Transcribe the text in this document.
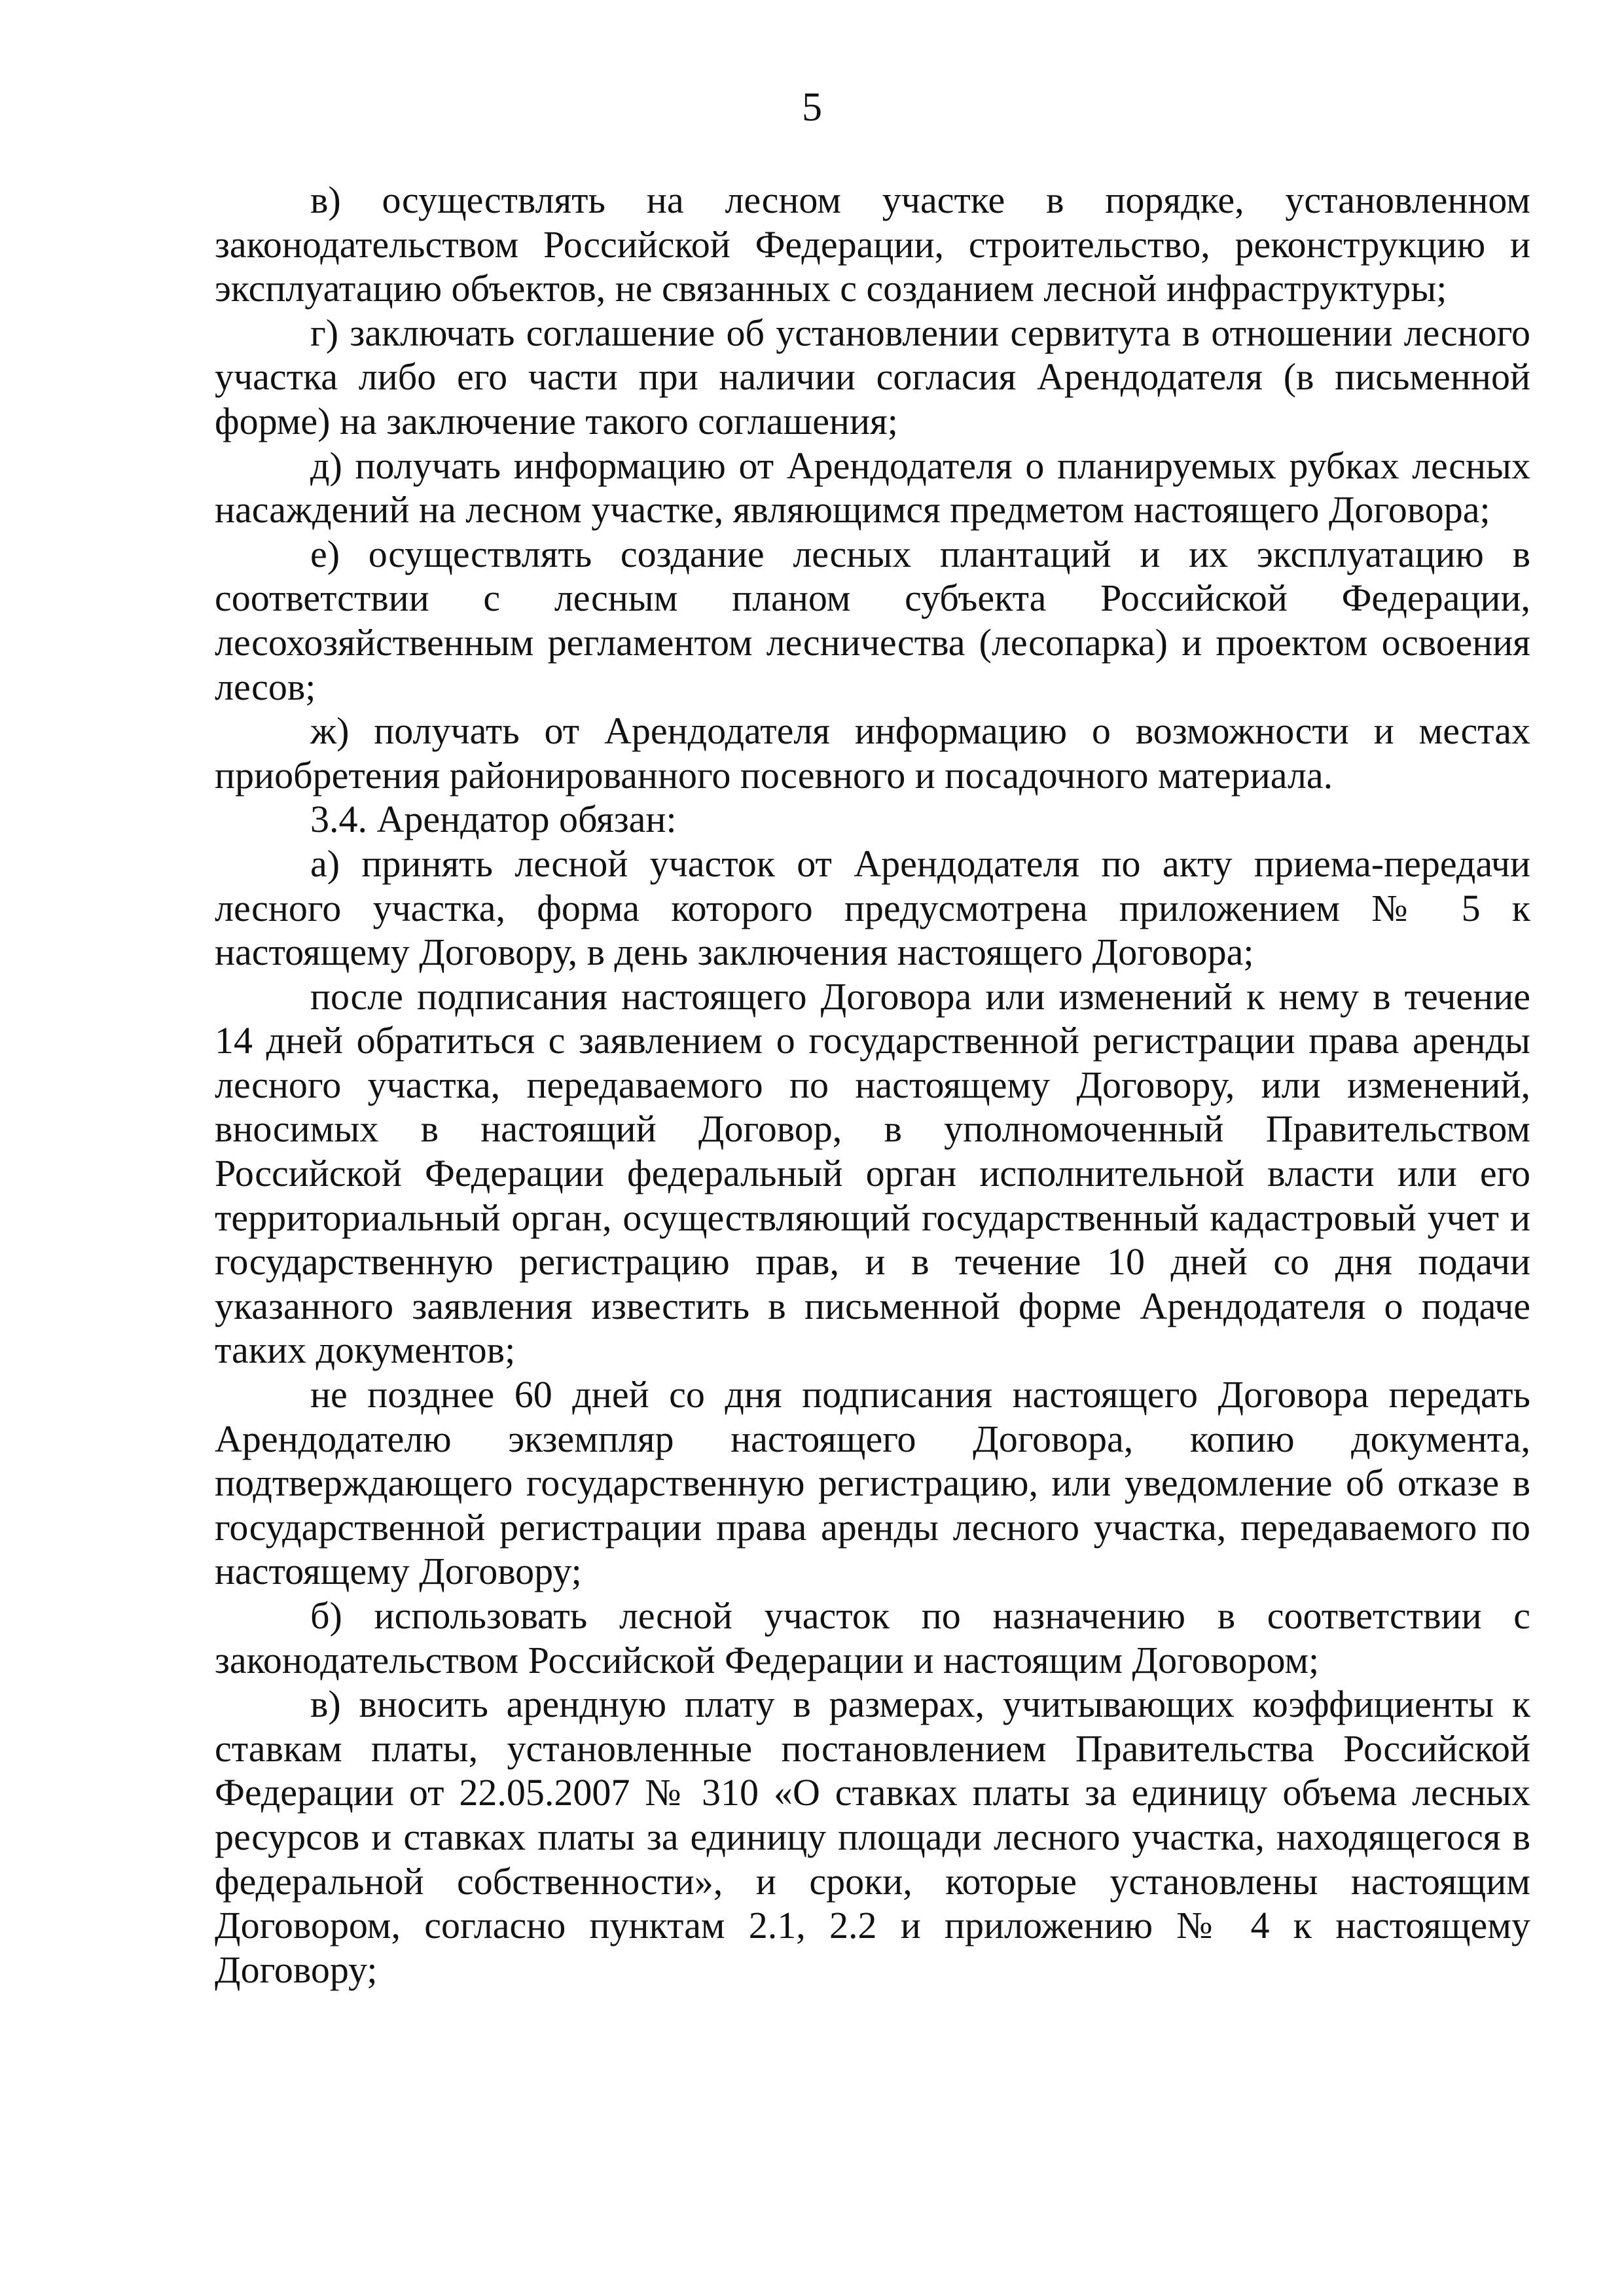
5

в) осуществлять на лесном участке в порядке, установленном законодательством Российской Федерации, строительство, реконструкцию и эксплуатацию объектов, не связанных с созданием лесной инфраструктуры;

г) заключать соглашение об установлении сервитута в отношении лесного участка либо его части при наличии согласия Арендодателя (в письменной форме) на заключение такого соглашения;

д) получать информацию от Арендодателя о планируемых рубках лесных насаждений на лесном участке, являющимся предметом настоящего Договора;

е) осуществлять создание лесных плантаций и их эксплуатацию в соответствии с лесным планом субъекта Российской Федерации, лесохозяйственным регламентом лесничества (лесопарка) и проектом освоения лесов;

ж) получать от Арендодателя информацию о возможности и местах приобретения районированного посевного и посадочного материала.

3.4. Арендатор обязан:

а) принять лесной участок от Арендодателя по акту приема-передачи лесного участка, форма которого предусмотрена приложением № 5 к настоящему Договору, в день заключения настоящего Договора;

после подписания настоящего Договора или изменений к нему в течение 14 дней обратиться с заявлением о государственной регистрации права аренды лесного участка, передаваемого по настоящему Договору, или изменений, вносимых в настоящий Договор, в уполномоченный Правительством Российской Федерации федеральный орган исполнительной власти или его территориальный орган, осуществляющий государственный кадастровый учет и государственную регистрацию прав, и в течение 10 дней со дня подачи указанного заявления известить в письменной форме Арендодателя о подаче таких документов;

не позднее 60 дней со дня подписания настоящего Договора передать Арендодателю экземпляр настоящего Договора, копию документа, подтверждающего государственную регистрацию, или уведомление об отказе в государственной регистрации права аренды лесного участка, передаваемого по настоящему Договору;

б) использовать лесной участок по назначению в соответствии с законодательством Российской Федерации и настоящим Договором;

в) вносить арендную плату в размерах, учитывающих коэффициенты к ставкам платы, установленные постановлением Правительства Российской Федерации от 22.05.2007 № 310 «О ставках платы за единицу объема лесных ресурсов и ставках платы за единицу площади лесного участка, находящегося в федеральной собственности», и сроки, которые установлены настоящим Договором, согласно пунктам 2.1, 2.2 и приложению № 4 к настоящему Договору;
